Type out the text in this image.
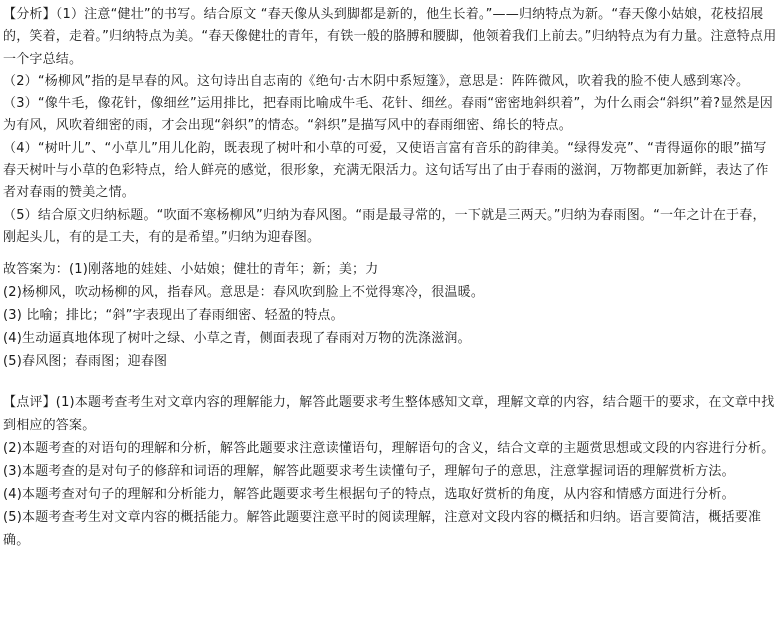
【分析】（1）注意“健壮”的书写。结合原文 “春天像从头到脚都是新的，他生长着。”——归纳特点为新。“春天像小姑娘，花枝招展的，笑着，走着。”归纳特点为美。“春天像健壮的青年，有铁一般的胳膊和腰脚，他领着我们上前去。”归纳特点为有力量。注意特点用一个字总结。

（2）“杨柳风”指的是早春的风。这句诗出自志南的《绝句·古木阴中系短篷》，意思是：阵阵微风，吹着我的脸不使人感到寒冷。

（3）“像牛毛，像花针，像细丝”运用排比，把春雨比喻成牛毛、花针、细丝。春雨“密密地斜织着”，为什么雨会“斜织”着?显然是因为有风，风吹着细密的雨，才会出现“斜织”的情态。“斜织”是描写风中的春雨细密、绵长的特点。

（4）“树叶儿”、“小草儿”用儿化韵，既表现了树叶和小草的可爱，又使语言富有音乐的韵律美。“绿得发亮”、“青得逼你的眼”描写春天树叶与小草的色彩特点，给人鲜亮的感觉，很形象，充满无限活力。这句话写出了由于春雨的滋润，万物都更加新鲜，表达了作者对春雨的赞美之情。

（5）结合原文归纳标题。“吹面不寒杨柳风”归纳为春风图。“雨是最寻常的，一下就是三两天。”归纳为春雨图。“一年之计在于春，刚起头儿，有的是工夫，有的是希望。”归纳为迎春图。

故答案为：(1)刚落地的娃娃、小姑娘；健壮的青年；新；美；力

(2)杨柳风，吹动杨柳的风，指春风。意思是：春风吹到脸上不觉得寒冷，很温暖。

(3) 比喻；排比；“斜”字表现出了春雨细密、轻盈的特点。

(4)生动逼真地体现了树叶之绿、小草之青，侧面表现了春雨对万物的洗涤滋润。

(5)春风图；春雨图；迎春图

【点评】(1)本题考查考生对文章内容的理解能力，解答此题要求考生整体感知文章，理解文章的内容，结合题干的要求，在文章中找到相应的答案。

(2)本题考查的对语句的理解和分析，解答此题要求注意读懂语句，理解语句的含义，结合文章的主题赏思想或文段的内容进行分析。

(3)本题考查的是对句子的修辞和词语的理解，解答此题要求考生读懂句子，理解句子的意思，注意掌握词语的理解赏析方法。

(4)本题考查对句子的理解和分析能力，解答此题要求考生根据句子的特点，选取好赏析的角度，从内容和情感方面进行分析。

(5)本题考查考生对文章内容的概括能力。解答此题要注意平时的阅读理解，注意对文段内容的概括和归纳。语言要简洁，概括要准确。
